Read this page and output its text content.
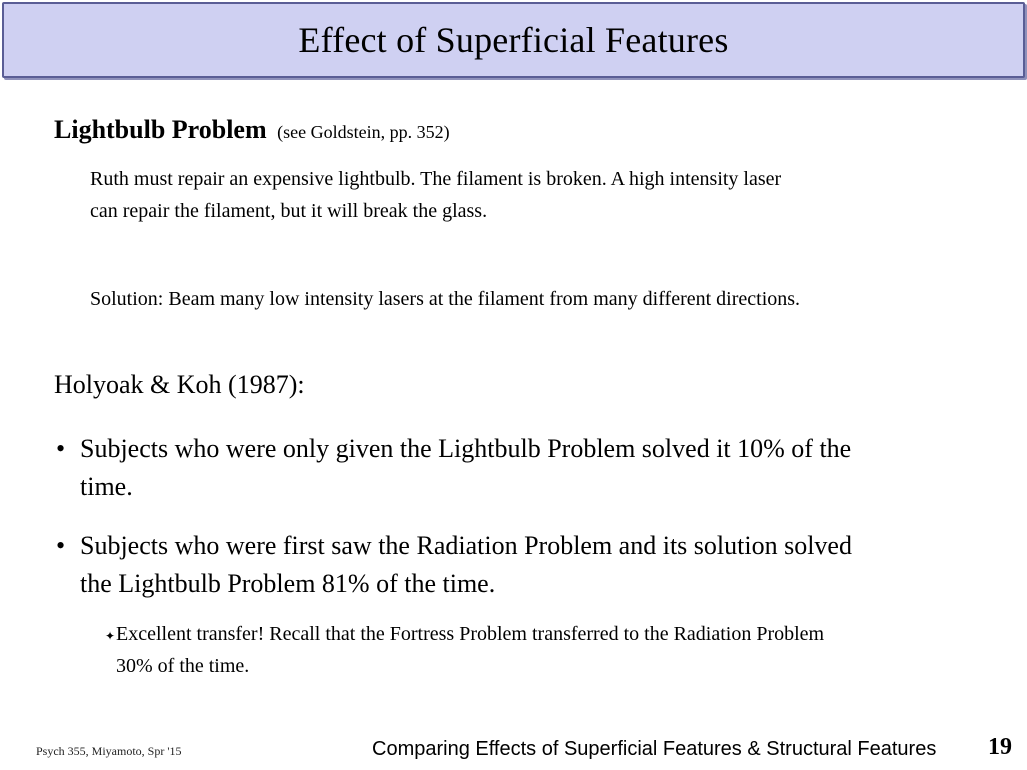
Effect of Superficial Features
Lightbulb Problem (see Goldstein, pp. 352)
Ruth must repair an expensive lightbulb. The filament is broken. A high intensity laser can repair the filament, but it will break the glass.
Solution: Beam many low intensity lasers at the filament from many different directions.
Holyoak & Koh (1987):
• Subjects who were only given the Lightbulb Problem solved it 10% of the time.
• Subjects who were first saw the Radiation Problem and its solution solved the Lightbulb Problem 81% of the time.
✦ Excellent transfer! Recall that the Fortress Problem transferred to the Radiation Problem 30% of the time.
Psych 355, Miyamoto, Spr '15	Comparing Effects of Superficial Features & Structural Features 19
